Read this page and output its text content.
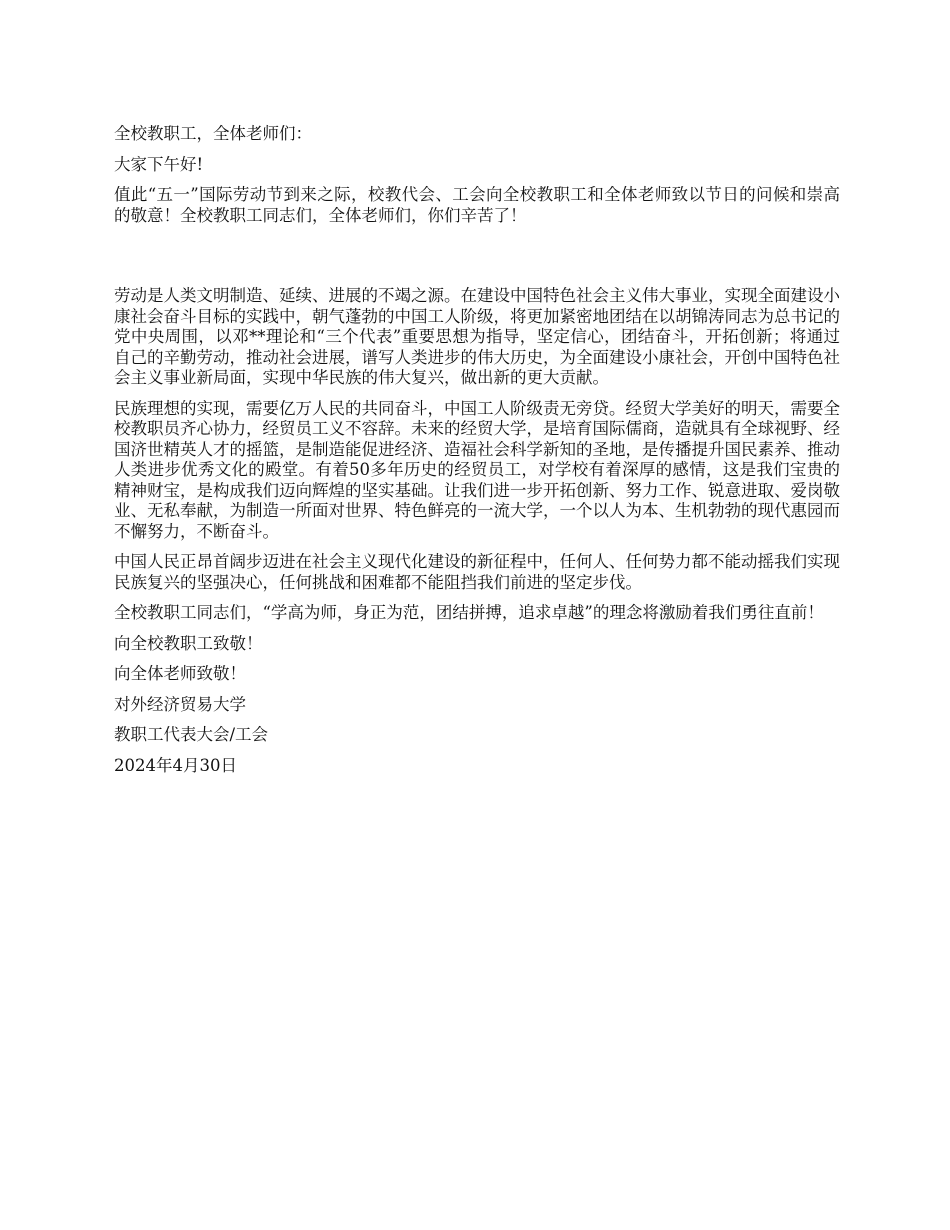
全校教职工，全体老师们：

大家下午好!

值此“五一”国际劳动节到来之际，校教代会、工会向全校教职工和全体老师致以节日的问候和崇高的敬意！全校教职工同志们，全体老师们，你们辛苦了！

劳动是人类文明制造、延续、进展的不竭之源。在建设中国特色社会主义伟大事业，实现全面建设小康社会奋斗目标的实践中，朝气蓬勃的中国工人阶级，将更加紧密地团结在以胡锦涛同志为总书记的党中央周围，以邓**理论和“三个代表”重要思想为指导，坚定信心，团结奋斗，开拓创新；将通过自己的辛勤劳动，推动社会进展，谱写人类进步的伟大历史，为全面建设小康社会，开创中国特色社会主义事业新局面，实现中华民族的伟大复兴，做出新的更大贡献。

民族理想的实现，需要亿万人民的共同奋斗，中国工人阶级责无旁贷。经贸大学美好的明天，需要全校教职员齐心协力，经贸员工义不容辞。未来的经贸大学，是培育国际儒商，造就具有全球视野、经国济世精英人才的摇篮，是制造能促进经济、造福社会科学新知的圣地，是传播提升国民素养、推动人类进步优秀文化的殿堂。有着50多年历史的经贸员工，对学校有着深厚的感情，这是我们宝贵的精神财宝，是构成我们迈向辉煌的坚实基础。让我们进一步开拓创新、努力工作、锐意进取、爱岗敬业、无私奉献，为制造一所面对世界、特色鲜亮的一流大学，一个以人为本、生机勃勃的现代惠园而不懈努力，不断奋斗。

中国人民正昂首阔步迈进在社会主义现代化建设的新征程中，任何人、任何势力都不能动摇我们实现民族复兴的坚强决心，任何挑战和困难都不能阻挡我们前进的坚定步伐。

全校教职工同志们，“学高为师，身正为范，团结拼搏，追求卓越”的理念将激励着我们勇往直前！

向全校教职工致敬！

向全体老师致敬！

对外经济贸易大学

教职工代表大会/工会

2024年4月30日
